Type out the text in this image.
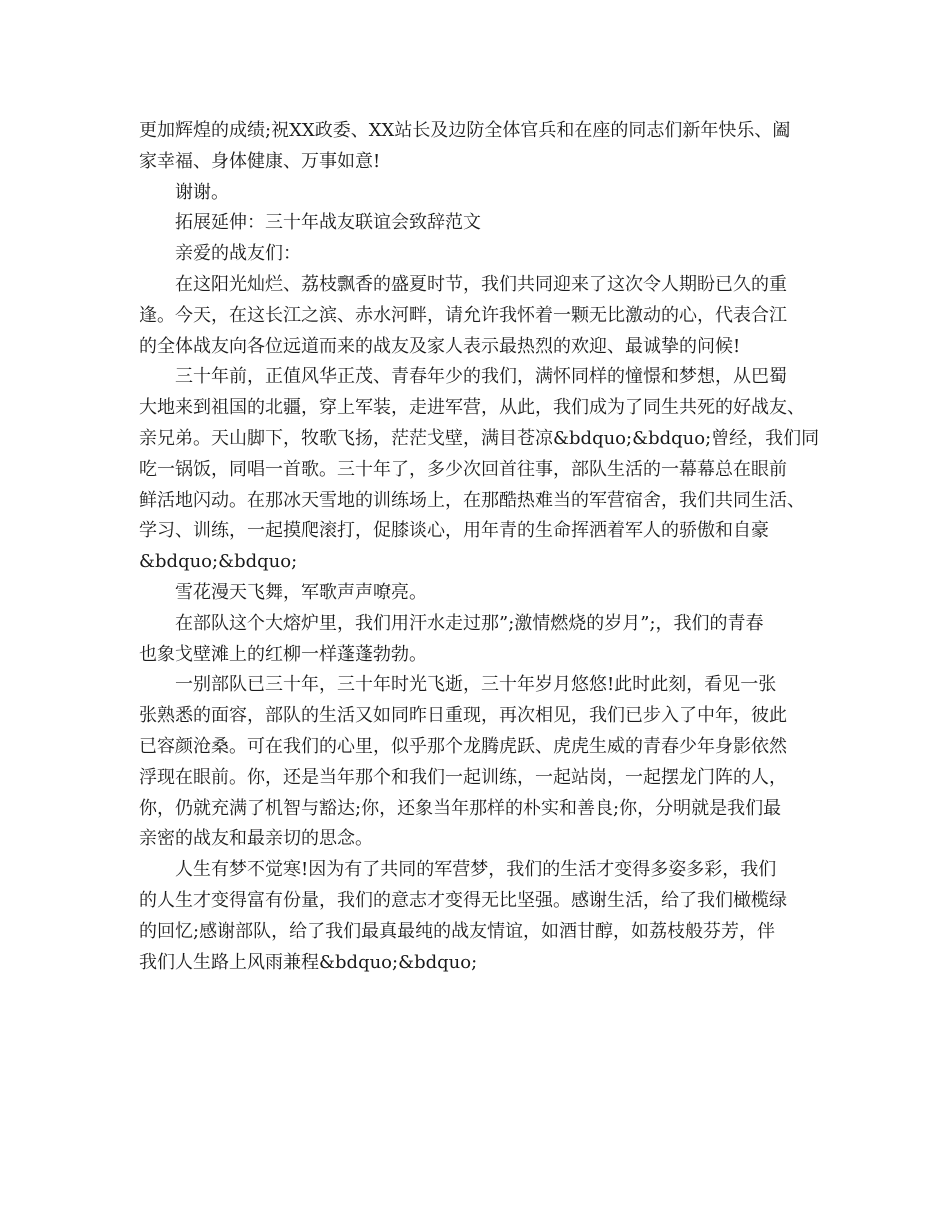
更加辉煌的成绩;祝XX政委、XX站长及边防全体官兵和在座的同志们新年快乐、阖
家幸福、身体健康、万事如意!
谢谢。
拓展延伸：三十年战友联谊会致辞范文
亲爱的战友们：
在这阳光灿烂、荔枝飘香的盛夏时节，我们共同迎来了这次令人期盼已久的重
逢。今天，在这长江之滨、赤水河畔，请允许我怀着一颗无比激动的心，代表合江
的全体战友向各位远道而来的战友及家人表示最热烈的欢迎、最诚挚的问候!
三十年前，正值风华正茂、青春年少的我们，满怀同样的憧憬和梦想，从巴蜀
大地来到祖国的北疆，穿上军装，走进军营，从此，我们成为了同生共死的好战友、
亲兄弟。天山脚下，牧歌飞扬，茫茫戈壁，满目苍凉&bdquo;&bdquo;曾经，我们同
吃一锅饭，同唱一首歌。三十年了，多少次回首往事，部队生活的一幕幕总在眼前
鲜活地闪动。在那冰天雪地的训练场上，在那酷热难当的军营宿舍，我们共同生活、
学习、训练，一起摸爬滚打，促膝谈心，用年青的生命挥洒着军人的骄傲和自豪
&bdquo;&bdquo;
雪花漫天飞舞，军歌声声嘹亮。
在部队这个大熔炉里，我们用汗水走过那”;激情燃烧的岁月”;，我们的青春
也象戈壁滩上的红柳一样蓬蓬勃勃。
一别部队已三十年，三十年时光飞逝，三十年岁月悠悠!此时此刻，看见一张
张熟悉的面容，部队的生活又如同昨日重现，再次相见，我们已步入了中年，彼此
已容颜沧桑。可在我们的心里，似乎那个龙腾虎跃、虎虎生威的青春少年身影依然
浮现在眼前。你，还是当年那个和我们一起训练，一起站岗，一起摆龙门阵的人，
你，仍就充满了机智与豁达;你，还象当年那样的朴实和善良;你，分明就是我们最
亲密的战友和最亲切的思念。
人生有梦不觉寒!因为有了共同的军营梦，我们的生活才变得多姿多彩，我们
的人生才变得富有份量，我们的意志才变得无比坚强。感谢生活，给了我们橄榄绿
的回忆;感谢部队，给了我们最真最纯的战友情谊，如酒甘醇，如荔枝般芬芳，伴
我们人生路上风雨兼程&bdquo;&bdquo;
